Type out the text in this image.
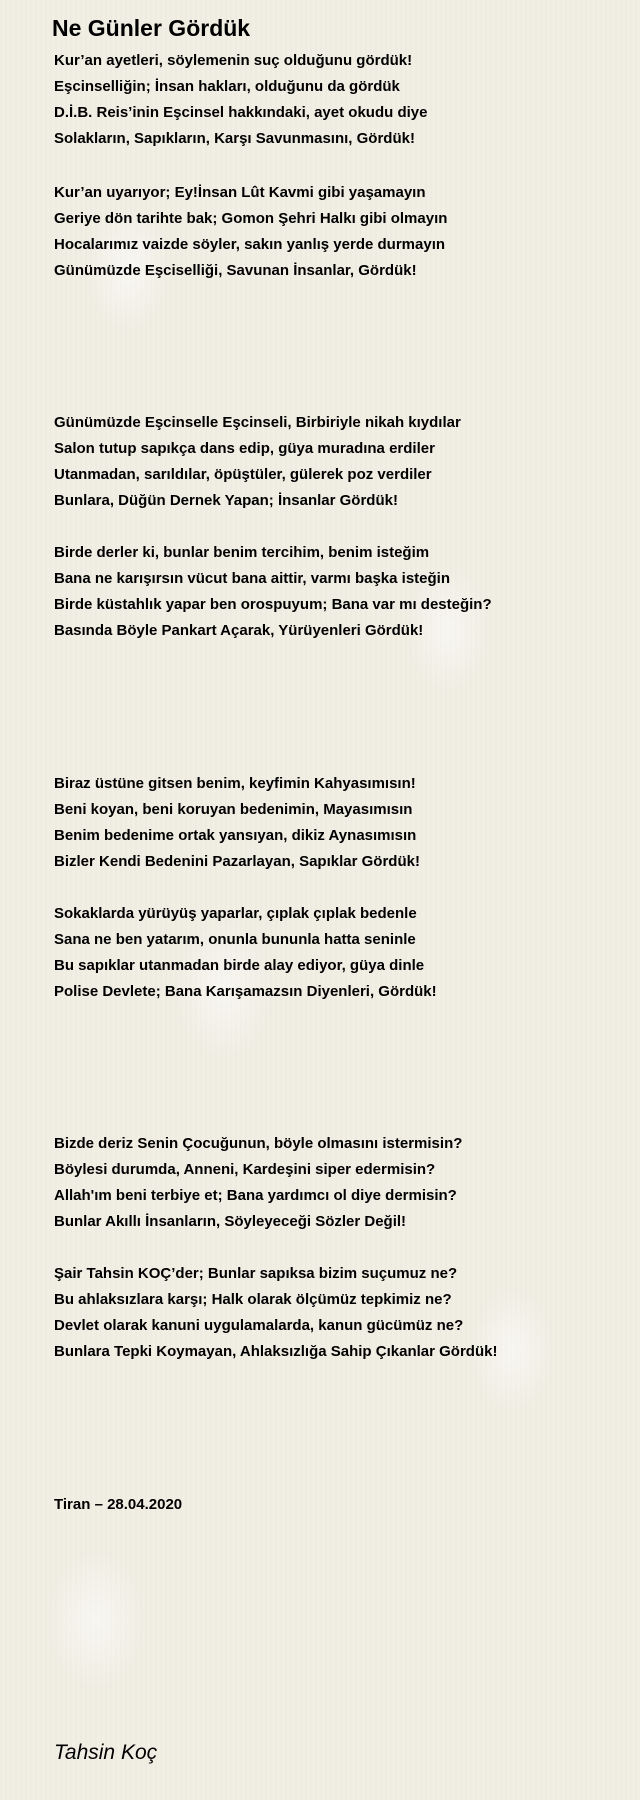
Ne Günler Gördük
Kur’an ayetleri, söylemenin suç olduğunu gördük!
Eşcinselliğin; İnsan hakları, olduğunu da gördük
D.İ.B. Reis’inin Eşcinsel hakkındaki, ayet okudu diye
Solakların, Sapıkların, Karşı Savunmasını, Gördük!
Kur’an uyarıyor; Ey!İnsan Lût Kavmi gibi yaşamayın
Geriye dön tarihte bak; Gomon Şehri Halkı gibi olmayın
Hocalarımız vaizde söyler, sakın yanlış yerde durmayın
Günümüzde Eşciselliği, Savunan İnsanlar, Gördük!
Günümüzde Eşcinselle Eşcinseli, Birbiriyle nikah kıydılar
Salon tutup sapıkça dans edip, güya muradına erdiler
Utanmadan, sarıldılar, öpüştüler, gülerek poz verdiler
Bunlara, Düğün Dernek Yapan; İnsanlar Gördük!
Birde derler ki, bunlar benim tercihim, benim isteğim
Bana ne karışırsın vücut bana aittir, varmı başka isteğin
Birde küstahlık yapar ben orospuyum; Bana var mı desteğin?
Basında Böyle Pankart Açarak, Yürüyenleri Gördük!
Biraz üstüne gitsen benim, keyfimin Kahyasımısın!
Beni koyan, beni koruyan bedenimin, Mayasımısın
Benim bedenime ortak yansıyan, dikiz Aynasımısın
Bizler Kendi Bedenini Pazarlayan, Sapıklar Gördük!
Sokaklarda yürüyüş yaparlar, çıplak çıplak bedenle
Sana ne ben yatarım, onunla bununla hatta seninle
Bu sapıklar utanmadan birde alay ediyor, güya dinle
Polise Devlete; Bana Karışamazsın Diyenleri, Gördük!
Bizde deriz Senin Çocuğunun, böyle olmasını istermisin?
Böylesi durumda, Anneni, Kardeşini siper edermisin?
Allah'ım beni terbiye et; Bana yardımcı ol diye dermisin?
Bunlar Akıllı İnsanların, Söyleyeceği Sözler Değil!
Şair Tahsin KOÇ’der; Bunlar sapıksa bizim suçumuz ne?
Bu ahlaksızlara karşı; Halk olarak ölçümüz tepkimiz ne?
Devlet olarak kanuni uygulamalarda, kanun gücümüz ne?
Bunlara Tepki Koymayan, Ahlaksızlığa Sahip Çıkanlar Gördük!
Tiran – 28.04.2020
Tahsin Koç
